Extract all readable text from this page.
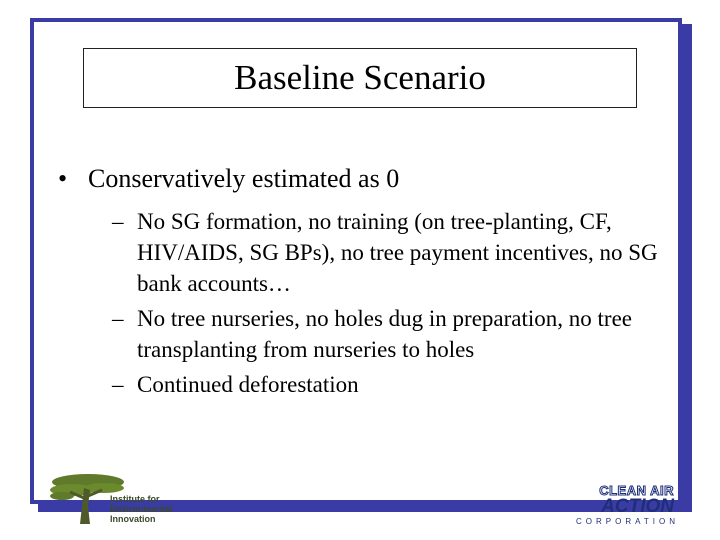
Baseline Scenario
• Conservatively estimated as 0
– No SG formation, no training (on tree-planting, CF, HIV/AIDS, SG BPs), no tree payment incentives, no SG bank accounts…
– No tree nurseries, no holes dug in preparation, no tree transplanting from nurseries to holes
– Continued deforestation
Institute for
Environmental
Innovation
CLEAN AIR
ACTION
CORPORATION
